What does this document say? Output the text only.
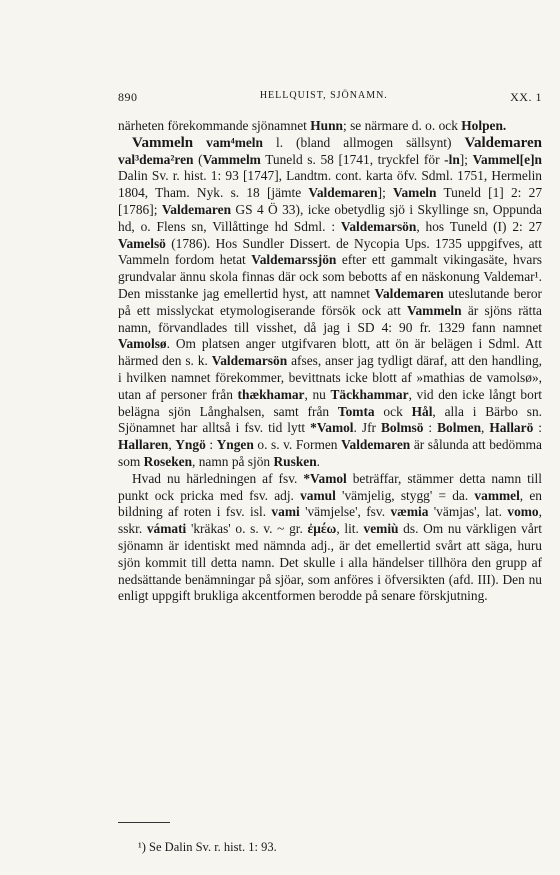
890	HELLQUIST, SJÖNAMN.	XX. 1

närheten förekommande sjönamnet Hunn; se närmare d. o. ock Holpen.

Vammeln vam⁴meln l. (bland allmogen sällsynt) Valdemaren val³dema²ren (Vammelm Tuneld s. 58 [1741, tryckfel för -ln]; Vammel[e]n Dalin Sv. r. hist. 1: 93 [1747], Landtm. cont. karta öfv. Sdml. 1751, Hermelin 1804, Tham. Nyk. s. 18 [jämte Valdemaren]; Vameln Tuneld [1] 2: 27 [1786]; Valdemaren GS 4 Ö 33), icke obetydlig sjö i Skyllinge sn, Oppunda hd, o. Flens sn, Villåttinge hd Sdml. : Valdemarsön, hos Tuneld (I) 2: 27 Vamelsö (1786). Hos Sundler Dissert. de Nycopia Ups. 1735 uppgifves, att Vammeln fordom hetat Valdemarssjön efter ett gammalt vikingasäte, hvars grundvalar ännu skola finnas där ock som bebotts af en näskonung Valdemar¹. Den misstanke jag emellertid hyst, att namnet Valdemaren uteslutande beror på ett misslyckat etymologiserande försök ock att Vammeln är sjöns rätta namn, förvandlades till visshet, då jag i SD 4: 90 fr. 1329 fann namnet Vamolsø. Om platsen anger utgifvaren blott, att ön är belägen i Sdml. Att härmed den s. k. Valdemarsön afses, anser jag tydligt däraf, att den handling, i hvilken namnet förekommer, bevittnats icke blott af »mathias de vamolsø», utan af personer från thækhamar, nu Täckhammar, vid den icke långt bort belägna sjön Långhalsen, samt från Tomta ock Hål, alla i Bärbo sn. Sjönamnet har alltså i fsv. tid lytt *Vamol. Jfr Bolmsö : Bolmen, Hallarö : Hallaren, Yngö : Yngen o. s. v. Formen Valdemaren är sålunda att bedömma som Roseken, namn på sjön Rusken.

Hvad nu härledningen af fsv. *Vamol beträffar, stämmer detta namn till punkt ock pricka med fsv. adj. vamul 'vämjelig, stygg' = da. vammel, en bildning af roten i fsv. isl. vami 'vämjelse', fsv. væmia 'vämjas', lat. vomo, sskr. vámati 'kräkas' o. s. v. ~ gr. ἐμέω, lit. vemiù ds. Om nu värkligen vårt sjönamn är identiskt med nämnda adj., är det emellertid svårt att säga, huru sjön kommit till detta namn. Det skulle i alla händelser tillhöra den grupp af nedsättande benämningar på sjöar, som anföres i öfversikten (afd. III). Den nu enligt uppgift brukliga akcentformen berodde på senare förskjutning.

¹) Se Dalin Sv. r. hist. 1: 93.
